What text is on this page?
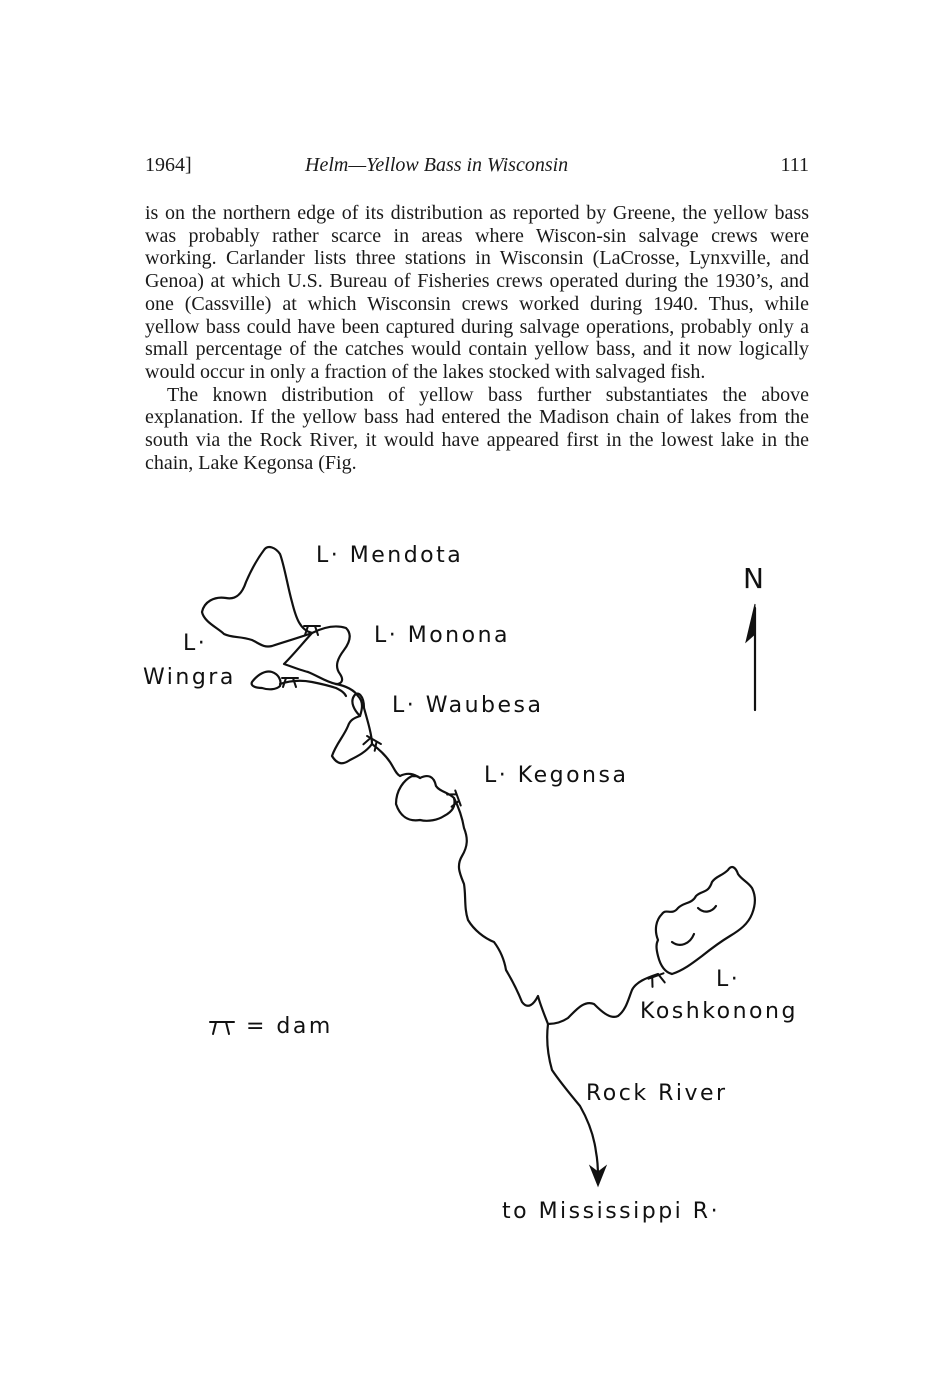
1964]	Helm—Yellow Bass in Wisconsin	111

is on the northern edge of its distribution as reported by Greene, the yellow bass was probably rather scarce in areas where Wiscon-sin salvage crews were working. Carlander lists three stations in Wisconsin (LaCrosse, Lynxville, and Genoa) at which U.S. Bureau of Fisheries crews operated during the 1930’s, and one (Cassville) at which Wisconsin crews worked during 1940. Thus, while yellow bass could have been captured during salvage operations, probably only a small percentage of the catches would contain yellow bass, and it now logically would occur in only a fraction of the lakes stocked with salvaged fish.

The known distribution of yellow bass further substantiates the above explanation. If the yellow bass had entered the Madison chain of lakes from the south via the Rock River, it would have appeared first in the lowest lake in the chain, Lake Kegonsa (Fig.

L· Mendota
L· Monona
L·
Wingra
L· Waubesa
L· Kegonsa
L·
Koshkonong
Rock River
to Mississippi R·
N
= dam
